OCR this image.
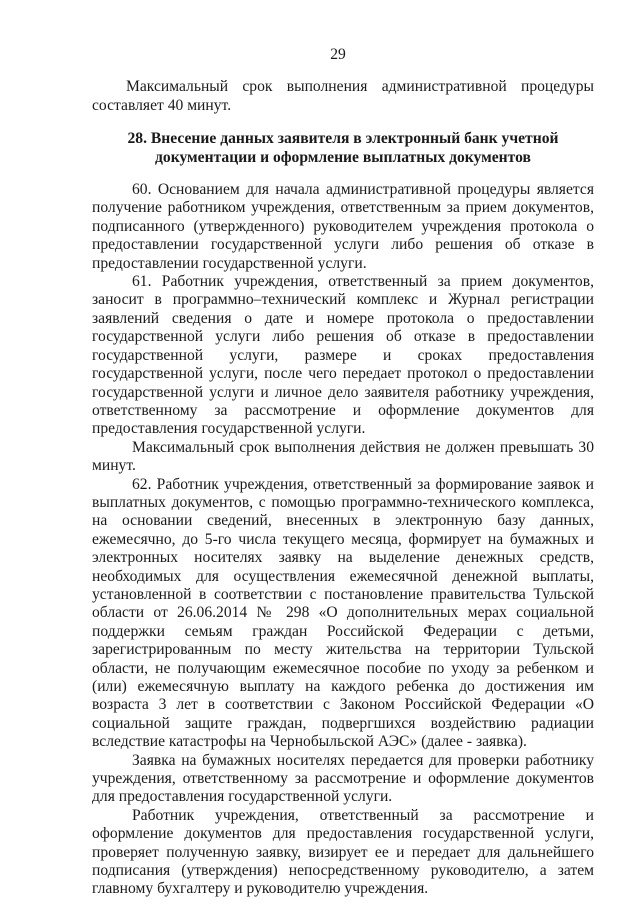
29

Максимальный срок выполнения административной процедуры составляет 40 минут.

28. Внесение данных заявителя в электронный банк учетной
документации и оформление выплатных документов

60. Основанием для начала административной процедуры является получение работником учреждения, ответственным за прием документов, подписанного (утвержденного) руководителем учреждения протокола о предоставлении государственной услуги либо решения об отказе в предоставлении государственной услуги.

61. Работник учреждения, ответственный за прием документов, заносит в программно–технический комплекс и Журнал регистрации заявлений сведения о дате и номере протокола о предоставлении государственной услуги либо решения об отказе в предоставлении государственной услуги, размере и сроках предоставления государственной услуги, после чего передает протокол о предоставлении государственной услуги и личное дело заявителя работнику учреждения, ответственному за рассмотрение и оформление документов для предоставления государственной услуги.

Максимальный срок выполнения действия не должен превышать 30 минут.

62. Работник учреждения, ответственный за формирование заявок и выплатных документов, с помощью программно-технического комплекса, на основании сведений, внесенных в электронную базу данных, ежемесячно, до 5-го числа текущего месяца, формирует на бумажных и электронных носителях заявку на выделение денежных средств, необходимых для осуществления ежемесячной денежной выплаты, установленной в соответствии с постановление правительства Тульской области от 26.06.2014 № 298 «О дополнительных мерах социальной поддержки семьям граждан Российской Федерации с детьми, зарегистрированным по месту жительства на территории Тульской области, не получающим ежемесячное пособие по уходу за ребенком и (или) ежемесячную выплату на каждого ребенка до достижения им возраста 3 лет в соответствии с Законом Российской Федерации «О социальной защите граждан, подвергшихся воздействию радиации вследствие катастрофы на Чернобыльской АЭС» (далее - заявка).

Заявка на бумажных носителях передается для проверки работнику учреждения, ответственному за рассмотрение и оформление документов для предоставления государственной услуги.

Работник учреждения, ответственный за рассмотрение и оформление документов для предоставления государственной услуги, проверяет полученную заявку, визирует ее и передает для дальнейшего подписания (утверждения) непосредственному руководителю, а затем главному бухгалтеру и руководителю учреждения.
